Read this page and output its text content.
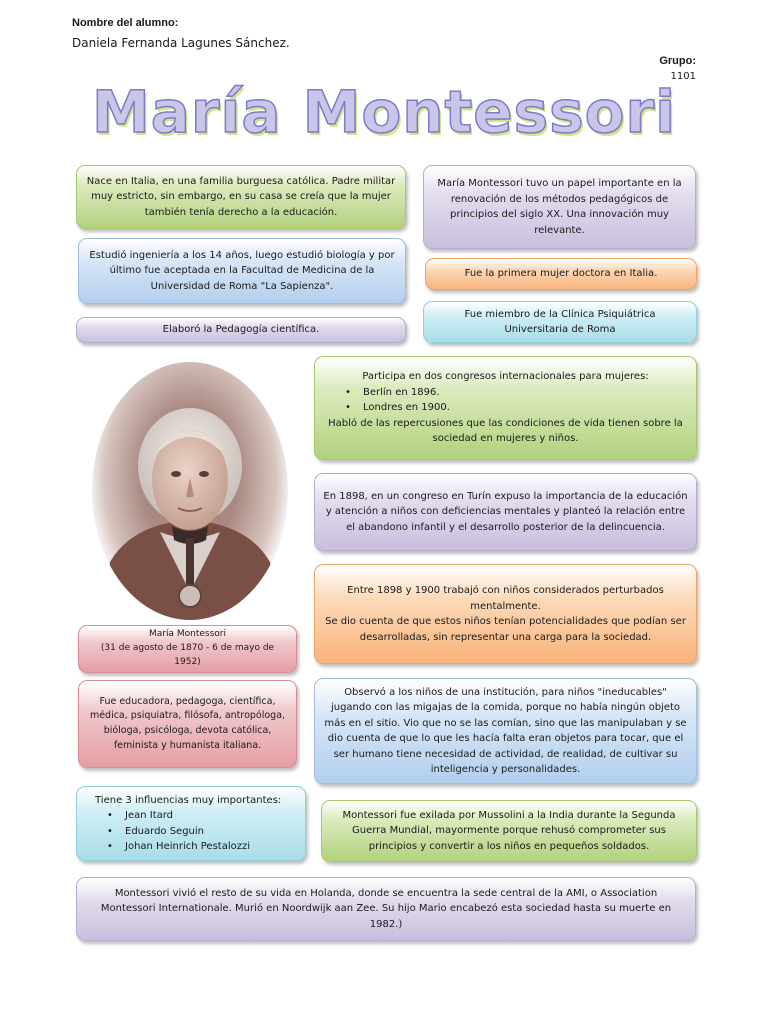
Nombre del alumno:
Daniela Fernanda Lagunes Sánchez.
Grupo:
1101
María Montessori
Nace en Italia, en una familia burguesa católica. Padre militar muy estricto, sin embargo, en su casa se creía que la mujer también tenía derecho a la educación.
Estudió ingeniería a los 14 años, luego estudió biología y por último fue aceptada en la Facultad de Medicina de la Universidad de Roma "La Sapienza".
Elaboró la Pedagogía científica.
María Montessori tuvo un papel importante en la renovación de los métodos pedagógicos de principios del siglo XX. Una innovación muy relevante.
Fue la primera mujer doctora en Italia.
Fue miembro de la Clínica Psiquiátrica Universitaria de Roma
María Montessori
(31 de agosto de 1870 - 6 de mayo de 1952)

Participa en dos congresos internacionales para mujeres:

• Berlín en 1896.
• Londres en 1900.

Habló de las repercusiones que las condiciones de vida tienen sobre la sociedad en mujeres y niños.

En 1898, en un congreso en Turín expuso la importancia de la educación y atención a niños con deficiencias mentales y planteó la relación entre el abandono infantil y el desarrollo posterior de la delincuencia.

Entre 1898 y 1900 trabajó con niños considerados perturbados mentalmente.

Se dio cuenta de que estos niños tenían potencialidades que podían ser desarrolladas, sin representar una carga para la sociedad.

Fue educadora, pedagoga, científica, médica, psiquiatra, filósofa, antropóloga, bióloga, psicóloga, devota católica, feminista y humanista italiana.
Observó a los niños de una institución, para niños "ineducables" jugando con las migajas de la comida, porque no había ningún objeto más en el sitio. Vio que no se las comían, sino que las manipulaban y se dio cuenta de que lo que les hacía falta eran objetos para tocar, que el ser humano tiene necesidad de actividad, de realidad, de cultivar su inteligencia y personalidades.

Tiene 3 influencias muy importantes:

• Jean Itard
• Eduardo Seguin
• Johan Heinrich Pestalozzi
Montessori fue exilada por Mussolini a la India durante la Segunda Guerra Mundial, mayormente porque rehusó comprometer sus principios y convertir a los niños en pequeños soldados.
Montessori vivió el resto de su vida en Holanda, donde se encuentra la sede central de la AMI, o Association Montessori Internationale. Murió en Noordwijk aan Zee. Su hijo Mario encabezó esta sociedad hasta su muerte en 1982.)
